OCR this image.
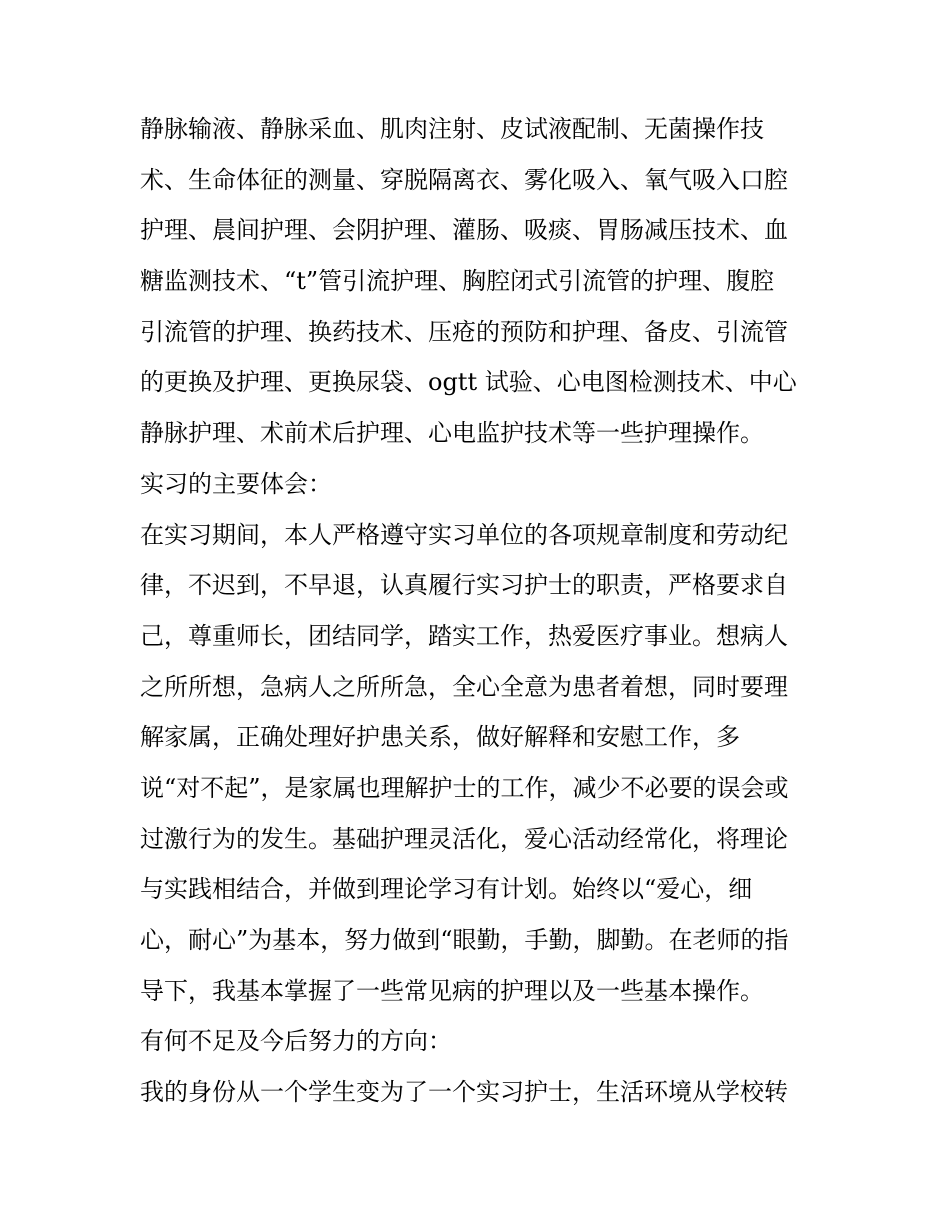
静脉输液、静脉采血、肌肉注射、皮试液配制、无菌操作技
术、生命体征的测量、穿脱隔离衣、雾化吸入、氧气吸入口腔
护理、晨间护理、会阴护理、灌肠、吸痰、胃肠减压技术、血
糖监测技术、“t”管引流护理、胸腔闭式引流管的护理、腹腔
引流管的护理、换药技术、压疮的预防和护理、备皮、引流管
的更换及护理、更换尿袋、ogtt 试验、心电图检测技术、中心
静脉护理、术前术后护理、心电监护技术等一些护理操作。
实习的主要体会：
在实习期间，本人严格遵守实习单位的各项规章制度和劳动纪
律，不迟到，不早退，认真履行实习护士的职责，严格要求自
己，尊重师长，团结同学，踏实工作，热爱医疗事业。想病人
之所所想，急病人之所所急，全心全意为患者着想，同时要理
解家属，正确处理好护患关系，做好解释和安慰工作，多
说“对不起”，是家属也理解护士的工作，减少不必要的误会或
过激行为的发生。基础护理灵活化，爱心活动经常化，将理论
与实践相结合，并做到理论学习有计划。始终以“爱心，细
心，耐心”为基本，努力做到“眼勤，手勤，脚勤。在老师的指
导下，我基本掌握了一些常见病的护理以及一些基本操作。
有何不足及今后努力的方向：
我的身份从一个学生变为了一个实习护士，生活环境从学校转
